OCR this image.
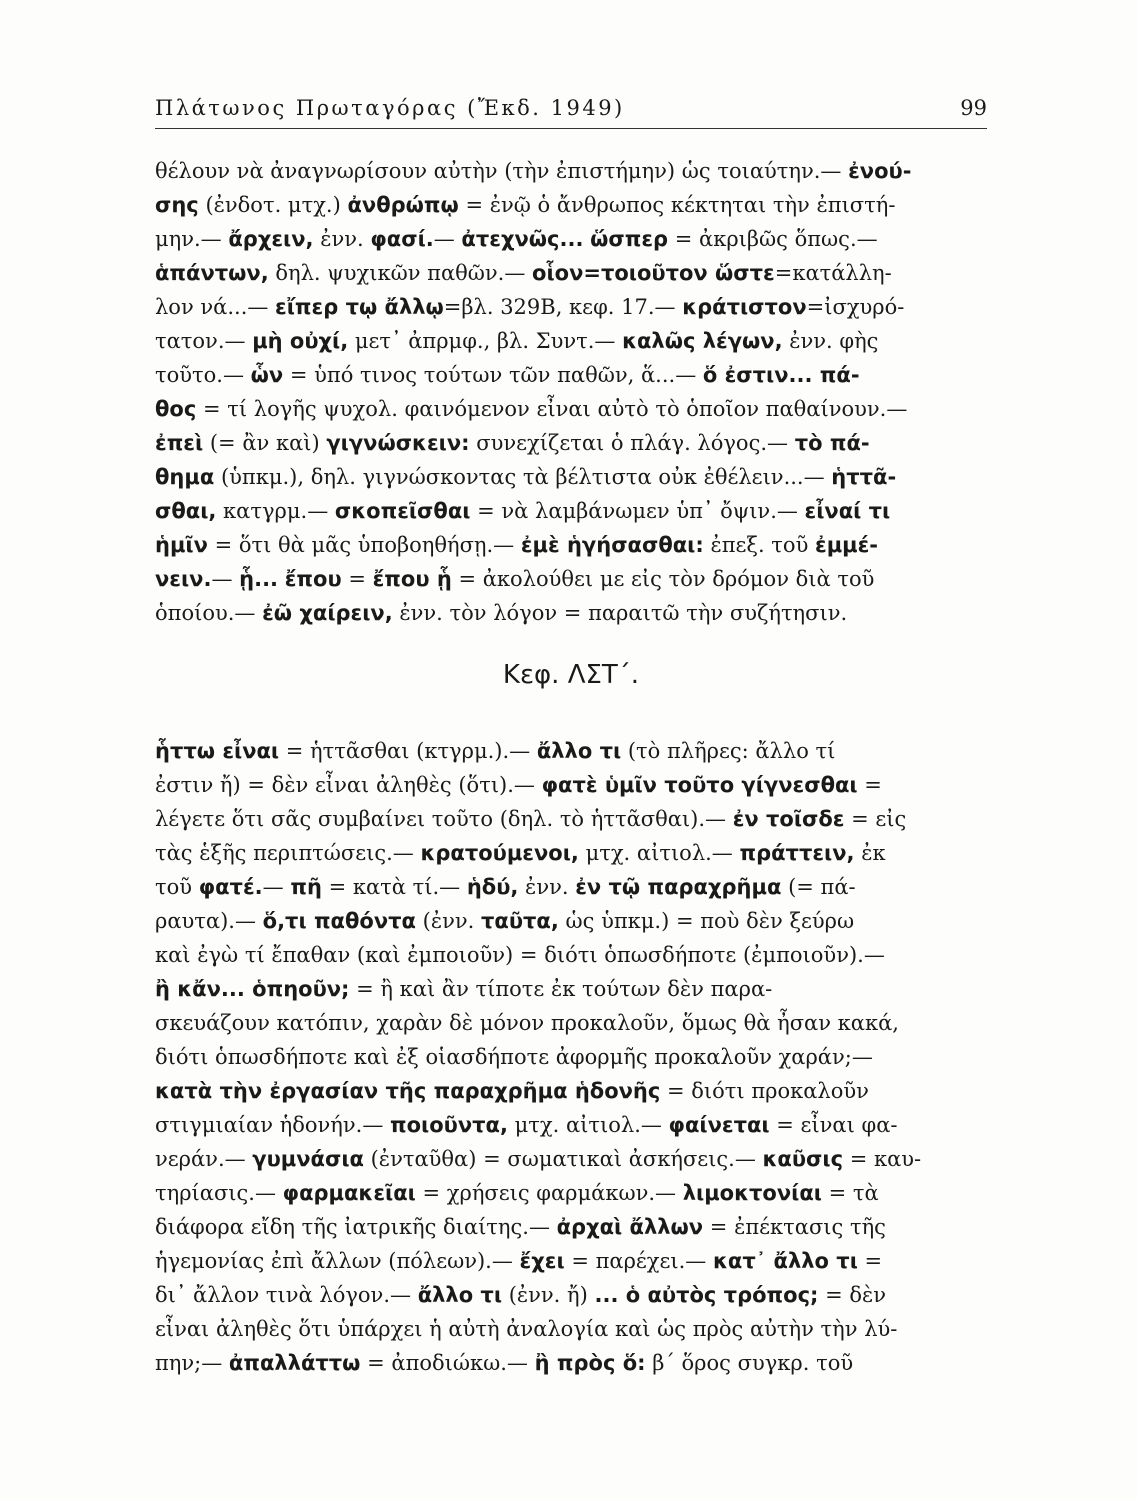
Πλάτωνος Πρωταγόρας (Ἔκδ. 1949)	99
θέλουν νὰ ἀναγνωρίσουν αὐτὴν (τὴν ἐπιστήμην) ὡς τοιαύτην.— ἐνού-
σης (ἐνδοτ. μτχ.) ἀνθρώπῳ = ἐνῷ ὁ ἄνθρωπος κέκτηται τὴν ἐπιστή-
μην.— ἄρχειν, ἐνν. φασί.— ἀτεχνῶς... ὥσπερ = ἀκριβῶς ὅπως.—
ἁπάντων, δηλ. ψυχικῶν παθῶν.— οἷον=τοιοῦτον ὥστε=κατάλλη-
λον νά...— εἴπερ τῳ ἄλλῳ=βλ. 329Β, κεφ. 17.— κράτιστον=ἰσχυρό-
τατον.— μὴ οὐχί, μετ᾽ ἀπρμφ., βλ. Συντ.— καλῶς λέγων, ἐνν. φὴς
τοῦτο.— ὧν = ὑπό τινος τούτων τῶν παθῶν, ἅ...— ὅ ἐστιν... πά-
θος = τί λογῆς ψυχολ. φαινόμενον εἶναι αὐτὸ τὸ ὁποῖον παθαίνουν.—
ἐπεὶ (= ἂν καὶ) γιγνώσκειν: συνεχίζεται ὁ πλάγ. λόγος.— τὸ πά-
θημα (ὑπκμ.), δηλ. γιγνώσκοντας τὰ βέλτιστα οὐκ ἐθέλειν...— ἡττᾶ-
σθαι, κατγρμ.— σκοπεῖσθαι = νὰ λαμβάνωμεν ὑπ᾽ ὄψιν.— εἶναί τι
ἡμῖν = ὅτι θὰ μᾶς ὑποβοηθήσῃ.— ἐμὲ ἡγήσασθαι: ἐπεξ. τοῦ ἐμμέ-
νειν.— ᾗ... ἔπου = ἔπου ᾗ = ἀκολούθει με εἰς τὸν δρόμον διὰ τοῦ
ὁποίου.— ἐῶ χαίρειν, ἐνν. τὸν λόγον = παραιτῶ τὴν συζήτησιν.
Κεφ. ΛΣΤ΄.
ἧττω εἶναι = ἡττᾶσθαι (κτγρμ.).— ἄλλο τι (τὸ πλῆρες: ἄλλο τί
ἐστιν ἤ) = δὲν εἶναι ἀληθὲς (ὅτι).— φατὲ ὑμῖν τοῦτο γίγνεσθαι =
λέγετε ὅτι σᾶς συμβαίνει τοῦτο (δηλ. τὸ ἡττᾶσθαι).— ἐν τοῖσδε = εἰς
τὰς ἑξῆς περιπτώσεις.— κρατούμενοι, μτχ. αἰτιολ.— πράττειν, ἐκ
τοῦ φατέ.— πῆ = κατὰ τί.— ἡδύ, ἐνν. ἐν τῷ παραχρῆμα (= πά-
ραυτα).— ὅ,τι παθόντα (ἐνν. ταῦτα, ὡς ὑπκμ.) = ποὺ δὲν ξεύρω
καὶ ἐγὼ τί ἔπαθαν (καὶ ἐμποιοῦν) = διότι ὁπωσδήποτε (ἐμποιοῦν).—
ἢ κἄν... ὁπηοῦν; = ἢ καὶ ἂν τίποτε ἐκ τούτων δὲν παρα-
σκευάζουν κατόπιν, χαρὰν δὲ μόνον προκαλοῦν, ὅμως θὰ ἦσαν κακά,
διότι ὁπωσδήποτε καὶ ἐξ οἱασδήποτε ἀφορμῆς προκαλοῦν χαράν;—
κατὰ τὴν ἐργασίαν τῆς παραχρῆμα ἡδονῆς = διότι προκαλοῦν
στιγμιαίαν ἡδονήν.— ποιοῦντα, μτχ. αἰτιολ.— φαίνεται = εἶναι φα-
νεράν.— γυμνάσια (ἐνταῦθα) = σωματικαὶ ἀσκήσεις.— καῦσις = καυ-
τηρίασις.— φαρμακεῖαι = χρήσεις φαρμάκων.— λιμοκτονίαι = τὰ
διάφορα εἴδη τῆς ἰατρικῆς διαίτης.— ἀρχαὶ ἄλλων = ἐπέκτασις τῆς
ἡγεμονίας ἐπὶ ἄλλων (πόλεων).— ἔχει = παρέχει.— κατ᾽ ἄλλο τι =
δι᾽ ἄλλον τινὰ λόγον.— ἄλλο τι (ἐνν. ἤ) ... ὁ αὐτὸς τρόπος; = δὲν
εἶναι ἀληθὲς ὅτι ὑπάρχει ἡ αὐτὴ ἀναλογία καὶ ὡς πρὸς αὐτὴν τὴν λύ-
πην;— ἀπαλλάττω = ἀποδιώκω.— ἢ πρὸς ὅ: β΄ ὅρος συγκρ. τοῦ
